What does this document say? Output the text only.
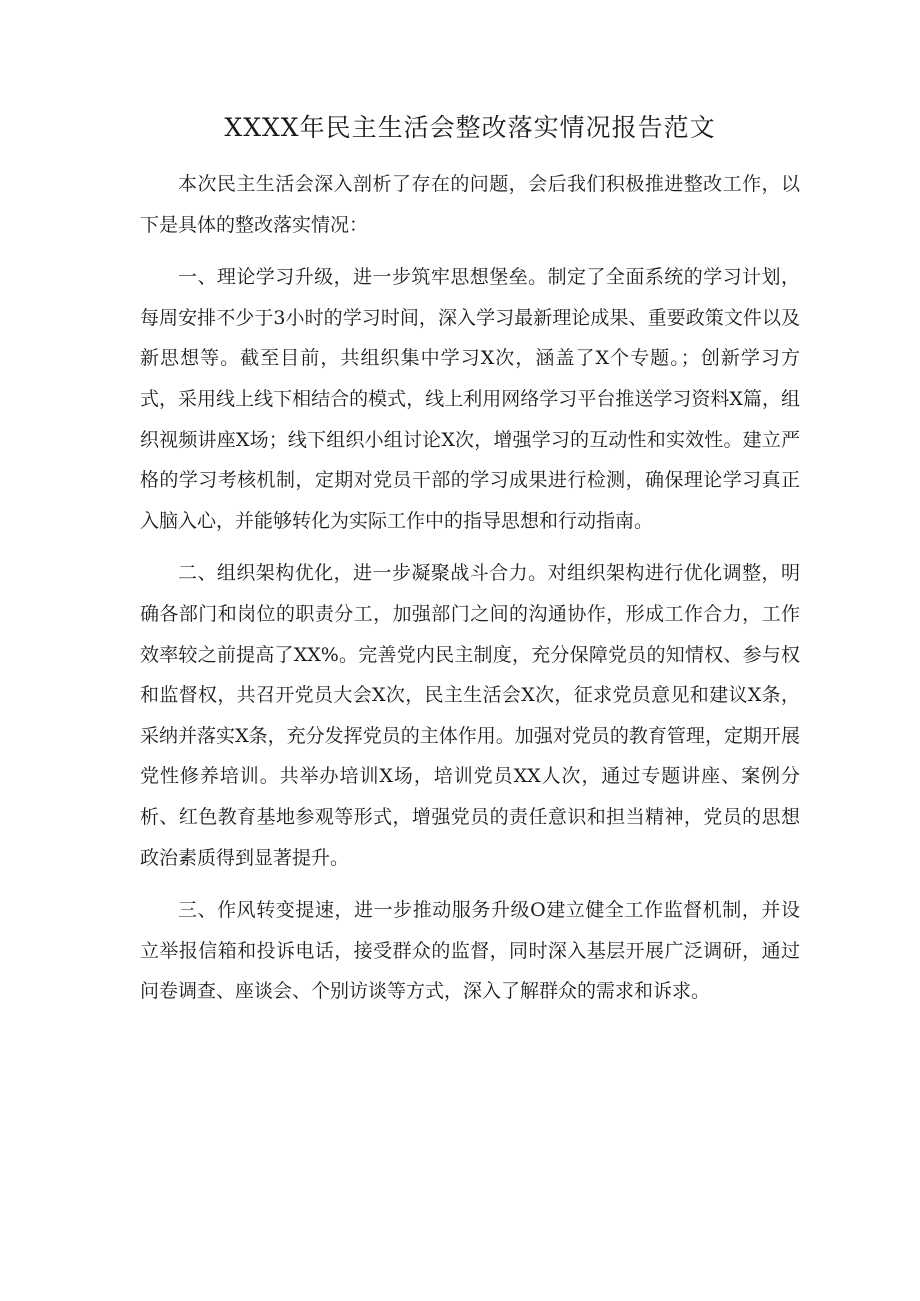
XXXX年民主生活会整改落实情况报告范文

本次民主生活会深入剖析了存在的问题，会后我们积极推进整改工作，以下是具体的整改落实情况：

一、理论学习升级，进一步筑牢思想堡垒。制定了全面系统的学习计划，每周安排不少于3小时的学习时间，深入学习最新理论成果、重要政策文件以及新思想等。截至目前，共组织集中学习X次，涵盖了X个专题。；创新学习方式，采用线上线下相结合的模式，线上利用网络学习平台推送学习资料X篇，组织视频讲座X场；线下组织小组讨论X次，增强学习的互动性和实效性。建立严格的学习考核机制，定期对党员干部的学习成果进行检测，确保理论学习真正入脑入心，并能够转化为实际工作中的指导思想和行动指南。

二、组织架构优化，进一步凝聚战斗合力。对组织架构进行优化调整，明确各部门和岗位的职责分工，加强部门之间的沟通协作，形成工作合力，工作效率较之前提高了XX%。完善党内民主制度，充分保障党员的知情权、参与权和监督权，共召开党员大会X次，民主生活会X次，征求党员意见和建议X条，采纳并落实X条，充分发挥党员的主体作用。加强对党员的教育管理，定期开展党性修养培训。共举办培训X场，培训党员XX人次，通过专题讲座、案例分析、红色教育基地参观等形式，增强党员的责任意识和担当精神，党员的思想政治素质得到显著提升。

三、作风转变提速，进一步推动服务升级O建立健全工作监督机制，并设立举报信箱和投诉电话，接受群众的监督，同时深入基层开展广泛调研，通过问卷调查、座谈会、个别访谈等方式，深入了解群众的需求和诉求。
